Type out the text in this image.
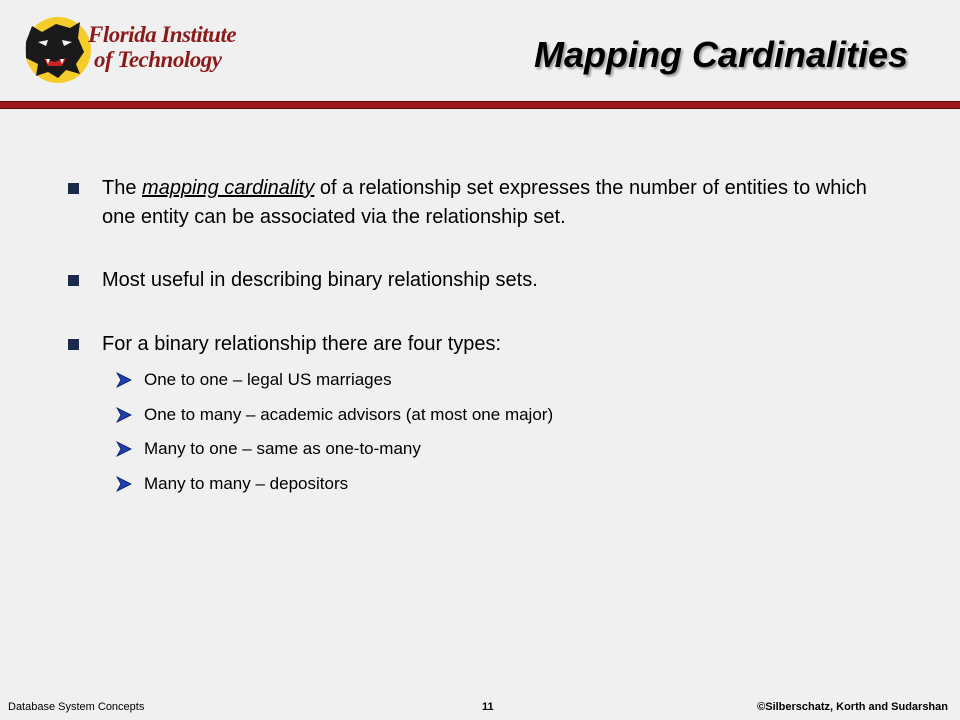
Florida Institute
of Technology	Mapping Cardinalities
The mapping cardinality of a relationship set expresses the number of entities to which one entity can be associated via the relationship set.
Most useful in describing binary relationship sets.
For a binary relationship there are four types:
One to one – legal US marriages
One to many – academic advisors (at most one major)
Many to one – same as one-to-many
Many to many – depositors
Database System Concepts	11	©Silberschatz, Korth and Sudarshan
